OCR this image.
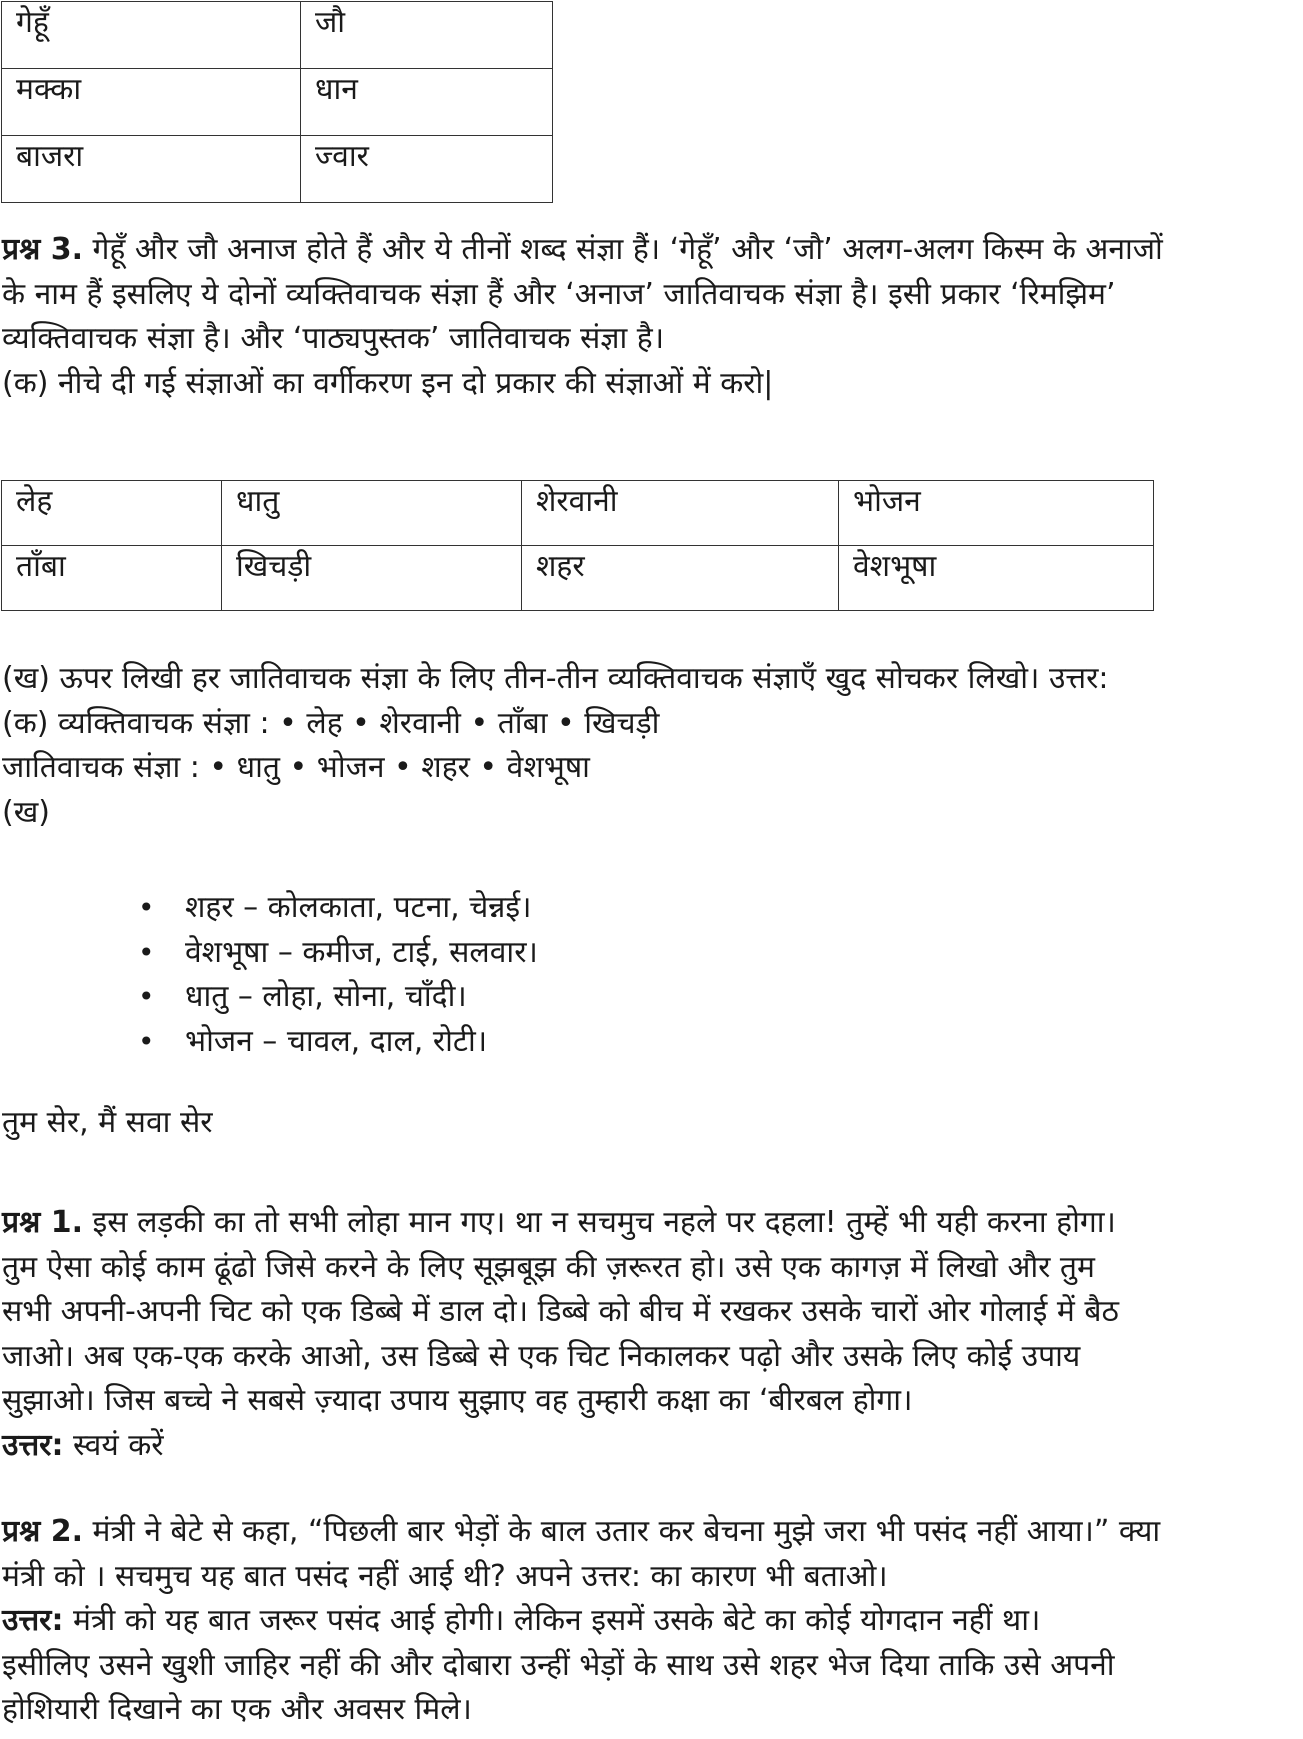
गेहूँ	जौ
मक्का	धान
बाजरा	ज्वार
प्रश्न 3. गेहूँ और जौ अनाज होते हैं और ये तीनों शब्द संज्ञा हैं। ‘गेहूँ’ और ‘जौ’ अलग-अलग किस्म के अनाजों
के नाम हैं इसलिए ये दोनों व्यक्तिवाचक संज्ञा हैं और ‘अनाज’ जातिवाचक संज्ञा है। इसी प्रकार ‘रिमझिम’
व्यक्तिवाचक संज्ञा है। और ‘पाठ्यपुस्तक’ जातिवाचक संज्ञा है।
(क) नीचे दी गई संज्ञाओं का वर्गीकरण इन दो प्रकार की संज्ञाओं में करो|
लेह	धातु	शेरवानी	भोजन
ताँबा	खिचड़ी	शहर	वेशभूषा
(ख) ऊपर लिखी हर जातिवाचक संज्ञा के लिए तीन-तीन व्यक्तिवाचक संज्ञाएँ खुद सोचकर लिखो। उत्तर:
(क) व्यक्तिवाचक संज्ञा : • लेह • शेरवानी • ताँबा • खिचड़ी
जातिवाचक संज्ञा : • धातु • भोजन • शहर • वेशभूषा
(ख)
• शहर – कोलकाता, पटना, चेन्नई।
• वेशभूषा – कमीज, टाई, सलवार।
• धातु – लोहा, सोना, चाँदी।
• भोजन – चावल, दाल, रोटी।
तुम सेर, मैं सवा सेर
प्रश्न 1. इस लड़की का तो सभी लोहा मान गए। था न सचमुच नहले पर दहला! तुम्हें भी यही करना होगा।
तुम ऐसा कोई काम ढूंढो जिसे करने के लिए सूझबूझ की ज़रूरत हो। उसे एक कागज़ में लिखो और तुम
सभी अपनी-अपनी चिट को एक डिब्बे में डाल दो। डिब्बे को बीच में रखकर उसके चारों ओर गोलाई में बैठ
जाओ। अब एक-एक करके आओ, उस डिब्बे से एक चिट निकालकर पढ़ो और उसके लिए कोई उपाय
सुझाओ। जिस बच्चे ने सबसे ज़्यादा उपाय सुझाए वह तुम्हारी कक्षा का ‘बीरबल होगा।
उत्तर: स्वयं करें
प्रश्न 2. मंत्री ने बेटे से कहा, “पिछली बार भेड़ों के बाल उतार कर बेचना मुझे जरा भी पसंद नहीं आया।” क्या
मंत्री को । सचमुच यह बात पसंद नहीं आई थी? अपने उत्तर: का कारण भी बताओ।
उत्तर: मंत्री को यह बात जरूर पसंद आई होगी। लेकिन इसमें उसके बेटे का कोई योगदान नहीं था।
इसीलिए उसने खुशी जाहिर नहीं की और दोबारा उन्हीं भेड़ों के साथ उसे शहर भेज दिया ताकि उसे अपनी
होशियारी दिखाने का एक और अवसर मिले।
